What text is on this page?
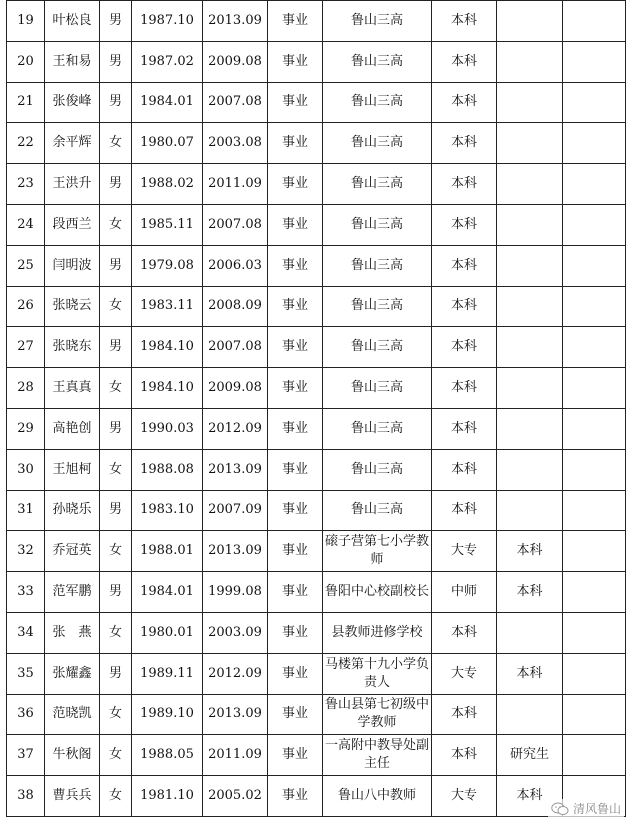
19	叶松良	男	1987.10	2013.09	事业	鲁山三高	本科		
20	王和易	男	1987.02	2009.08	事业	鲁山三高	本科		
21	张俊峰	男	1984.01	2007.08	事业	鲁山三高	本科		
22	余平辉	女	1980.07	2003.08	事业	鲁山三高	本科		
23	王洪升	男	1988.02	2011.09	事业	鲁山三高	本科		
24	段西兰	女	1985.11	2007.08	事业	鲁山三高	本科		
25	闫明波	男	1979.08	2006.03	事业	鲁山三高	本科		
26	张晓云	女	1983.11	2008.09	事业	鲁山三高	本科		
27	张晓东	男	1984.10	2007.08	事业	鲁山三高	本科		
28	王真真	女	1984.10	2009.08	事业	鲁山三高	本科		
29	高艳创	男	1990.03	2012.09	事业	鲁山三高	本科		
30	王旭柯	女	1988.08	2013.09	事业	鲁山三高	本科		
31	孙晓乐	男	1983.10	2007.09	事业	鲁山三高	本科		
32	乔冠英	女	1988.01	2013.09	事业	磙子营第七小学教师	大专	本科	
33	范军鹏	男	1984.01	1999.08	事业	鲁阳中心校副校长	中师	本科	
34	张　燕	女	1980.01	2003.09	事业	县教师进修学校	本科		
35	张耀鑫	男	1989.11	2012.09	事业	马楼第十九小学负责人	大专	本科	
36	范晓凯	女	1989.10	2013.09	事业	鲁山县第七初级中学教师	本科		
37	牛秋阁	女	1988.05	2011.09	事业	一高附中教导处副主任	本科	研究生	
38	曹兵兵	女	1981.10	2005.02	事业	鲁山八中教师	大专	本科	
清风鲁山
